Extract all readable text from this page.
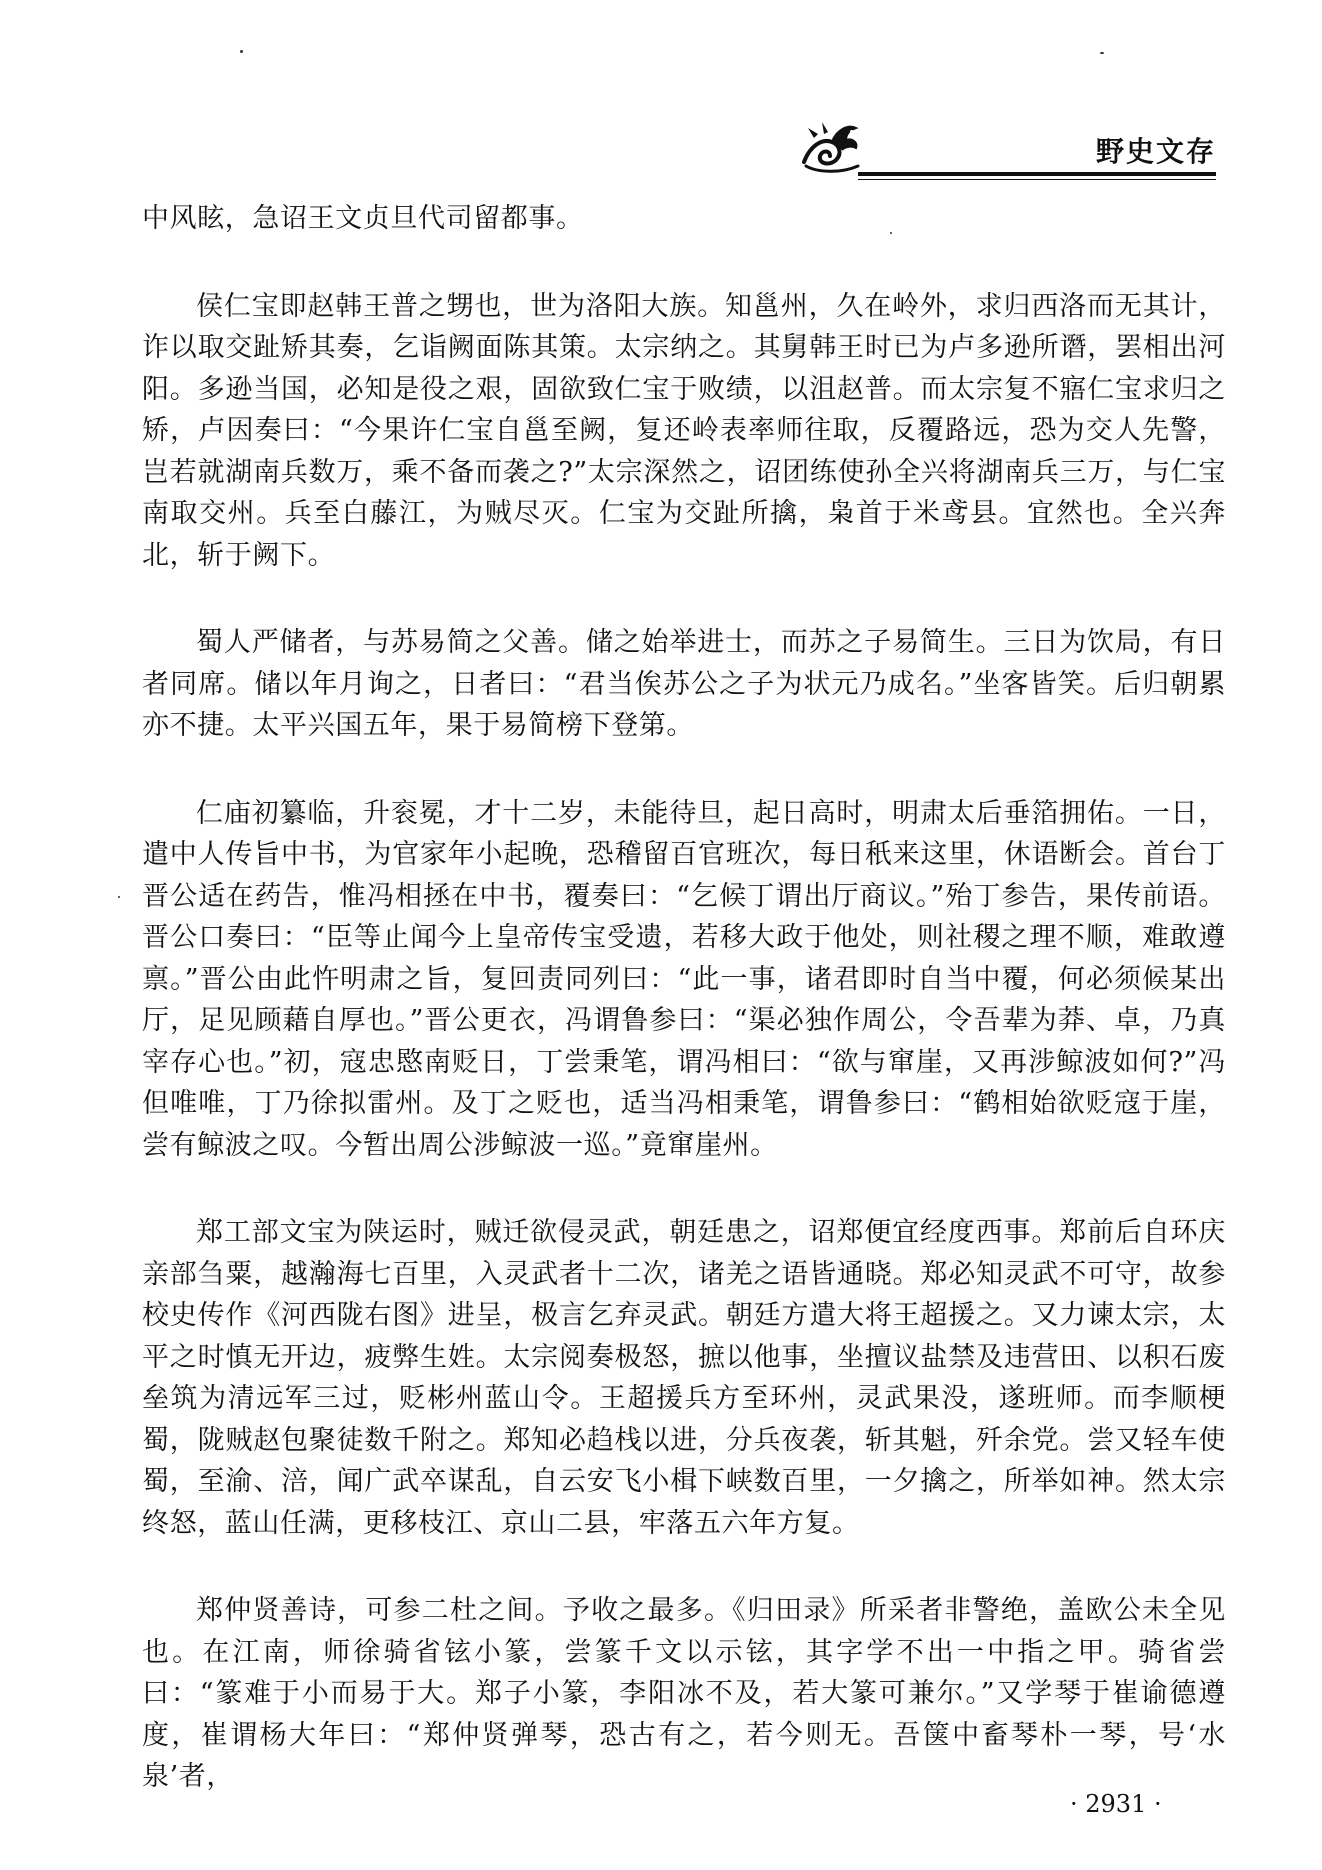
野史文存

中风眩，急诏王文贞旦代司留都事。

侯仁宝即赵韩王普之甥也，世为洛阳大族。知邕州，久在岭外，求归西洛而无其计，诈以取交趾矫其奏，乞诣阙面陈其策。太宗纳之。其舅韩王时已为卢多逊所谮，罢相出河阳。多逊当国，必知是役之艰，固欲致仁宝于败绩，以沮赵普。而太宗复不寤仁宝求归之矫，卢因奏曰：“今果许仁宝自邕至阙，复还岭表率师往取，反覆路远，恐为交人先警，岂若就湖南兵数万，乘不备而袭之?”太宗深然之，诏团练使孙全兴将湖南兵三万，与仁宝南取交州。兵至白藤江，为贼尽灭。仁宝为交趾所擒，枭首于米鸢县。宜然也。全兴奔北，斩于阙下。

蜀人严储者，与苏易简之父善。储之始举进士，而苏之子易简生。三日为饮局，有日者同席。储以年月询之，日者曰：“君当俟苏公之子为状元乃成名。”坐客皆笑。后归朝累亦不捷。太平兴国五年，果于易简榜下登第。

仁庙初纂临，升衮冕，才十二岁，未能待旦，起日高时，明肃太后垂箔拥佑。一日，遣中人传旨中书，为官家年小起晚，恐稽留百官班次，每日秖来这里，休语断会。首台丁晋公适在药告，惟冯相拯在中书，覆奏曰：“乞候丁谓出厅商议。”殆丁参告，果传前语。晋公口奏曰：“臣等止闻今上皇帝传宝受遗，若移大政于他处，则社稷之理不顺，难敢遵禀。”晋公由此忤明肃之旨，复回责同列曰：“此一事，诸君即时自当中覆，何必须候某出厅，足见顾藉自厚也。”晋公更衣，冯谓鲁参曰：“渠必独作周公，令吾辈为莽、卓，乃真宰存心也。”初，寇忠愍南贬日，丁尝秉笔，谓冯相曰：“欲与窜崖，又再涉鲸波如何?”冯但唯唯，丁乃徐拟雷州。及丁之贬也，适当冯相秉笔，谓鲁参曰：“鹤相始欲贬寇于崖，尝有鲸波之叹。今暂出周公涉鲸波一巡。”竟窜崖州。

郑工部文宝为陕运时，贼迁欲侵灵武，朝廷患之，诏郑便宜经度西事。郑前后自环庆亲部刍粟，越瀚海七百里，入灵武者十二次，诸羌之语皆通晓。郑必知灵武不可守，故参校史传作《河西陇右图》进呈，极言乞弃灵武。朝廷方遣大将王超援之。又力谏太宗，太平之时慎无开边，疲弊生姓。太宗阅奏极怒，摭以他事，坐擅议盐禁及违营田、以积石废垒筑为清远军三过，贬彬州蓝山令。王超援兵方至环州，灵武果没，遂班师。而李顺梗蜀，陇贼赵包聚徒数千附之。郑知必趋栈以进，分兵夜袭，斩其魁，歼余党。尝又轻车使蜀，至渝、涪，闻广武卒谋乱，自云安飞小楫下峡数百里，一夕擒之，所举如神。然太宗终怒，蓝山任满，更移枝江、京山二县，牢落五六年方复。

郑仲贤善诗，可参二杜之间。予收之最多。《归田录》所采者非警绝，盖欧公未全见也。在江南，师徐骑省铉小篆，尝篆千文以示铉，其字学不出一中指之甲。骑省尝曰：“篆难于小而易于大。郑子小篆，李阳冰不及，若大篆可兼尔。”又学琴于崔谕德遵度，崔谓杨大年曰：“郑仲贤弹琴，恐古有之，若今则无。吾箧中畜琴朴一琴，号‘水泉’者，

· 2931 ·
